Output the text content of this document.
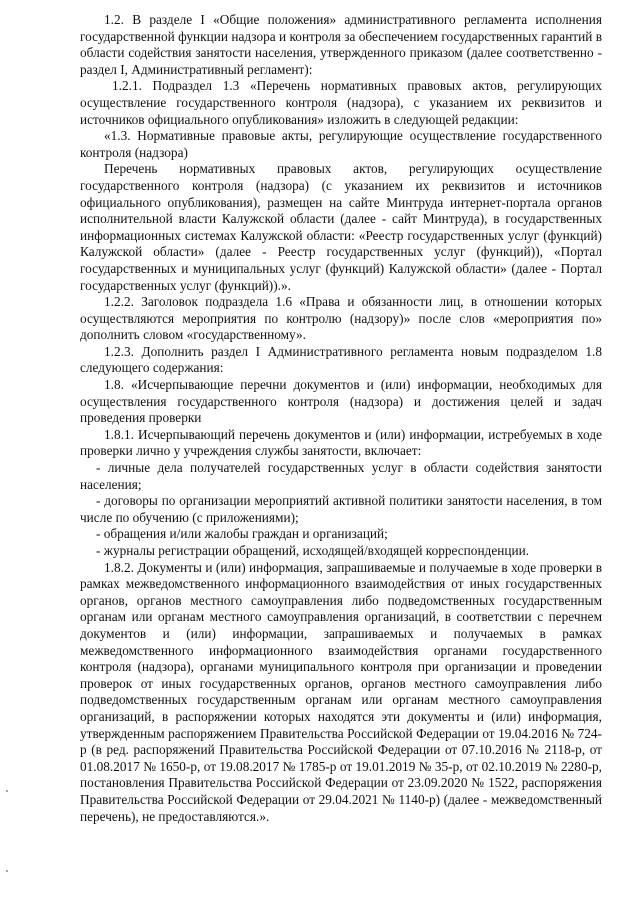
1.2. В разделе I «Общие положения» административного регламента исполнения государственной функции надзора и контроля за обеспечением государственных гарантий в области содействия занятости населения, утвержденного приказом (далее соответственно - раздел I, Административный регламент):

1.2.1. Подраздел 1.3 «Перечень нормативных правовых актов, регулирующих осуществление государственного контроля (надзора), с указанием их реквизитов и источников официального опубликования» изложить в следующей редакции:

«1.3. Нормативные правовые акты, регулирующие осуществление государственного контроля (надзора)

Перечень нормативных правовых актов, регулирующих осуществление государственного контроля (надзора) (с указанием их реквизитов и источников официального опубликования), размещен на сайте Минтруда интернет-портала органов исполнительной власти Калужской области (далее - сайт Минтруда), в государственных информационных системах Калужской области: «Реестр государственных услуг (функций) Калужской области» (далее - Реестр государственных услуг (функций)), «Портал государственных и муниципальных услуг (функций) Калужской области» (далее - Портал государственных услуг (функций)).».

1.2.2. Заголовок подраздела 1.6 «Права и обязанности лиц, в отношении которых осуществляются мероприятия по контролю (надзору)» после слов «мероприятия по» дополнить словом «государственному».

1.2.3. Дополнить раздел I Административного регламента новым подразделом 1.8 следующего содержания:

1.8. «Исчерпывающие перечни документов и (или) информации, необходимых для осуществления государственного контроля (надзора) и достижения целей и задач проведения проверки

1.8.1. Исчерпывающий перечень документов и (или) информации, истребуемых в ходе проверки лично у учреждения службы занятости, включает:

- личные дела получателей государственных услуг в области содействия занятости населения;

- договоры по организации мероприятий активной политики занятости населения, в том числе по обучению (с приложениями);

- обращения и/или жалобы граждан и организаций;

- журналы регистрации обращений, исходящей/входящей корреспонденции.

1.8.2. Документы и (или) информация, запрашиваемые и получаемые в ходе проверки в рамках межведомственного информационного взаимодействия от иных государственных органов, органов местного самоуправления либо подведомственных государственным органам или органам местного самоуправления организаций, в соответствии с перечнем документов и (или) информации, запрашиваемых и получаемых в рамках межведомственного информационного взаимодействия органами государственного контроля (надзора), органами муниципального контроля при организации и проведении проверок от иных государственных органов, органов местного самоуправления либо подведомственных государственным органам или органам местного самоуправления организаций, в распоряжении которых находятся эти документы и (или) информация, утвержденным распоряжением Правительства Российской Федерации от 19.04.2016 № 724-р (в ред. распоряжений Правительства Российской Федерации от 07.10.2016 № 2118-р, от 01.08.2017 № 1650-р, от 19.08.2017 № 1785-р от 19.01.2019 № 35-р, от 02.10.2019 № 2280-р, постановления Правительства Российской Федерации от 23.09.2020 № 1522, распоряжения Правительства Российской Федерации от 29.04.2021 № 1140-р) (далее - межведомственный перечень), не предоставляются.».
